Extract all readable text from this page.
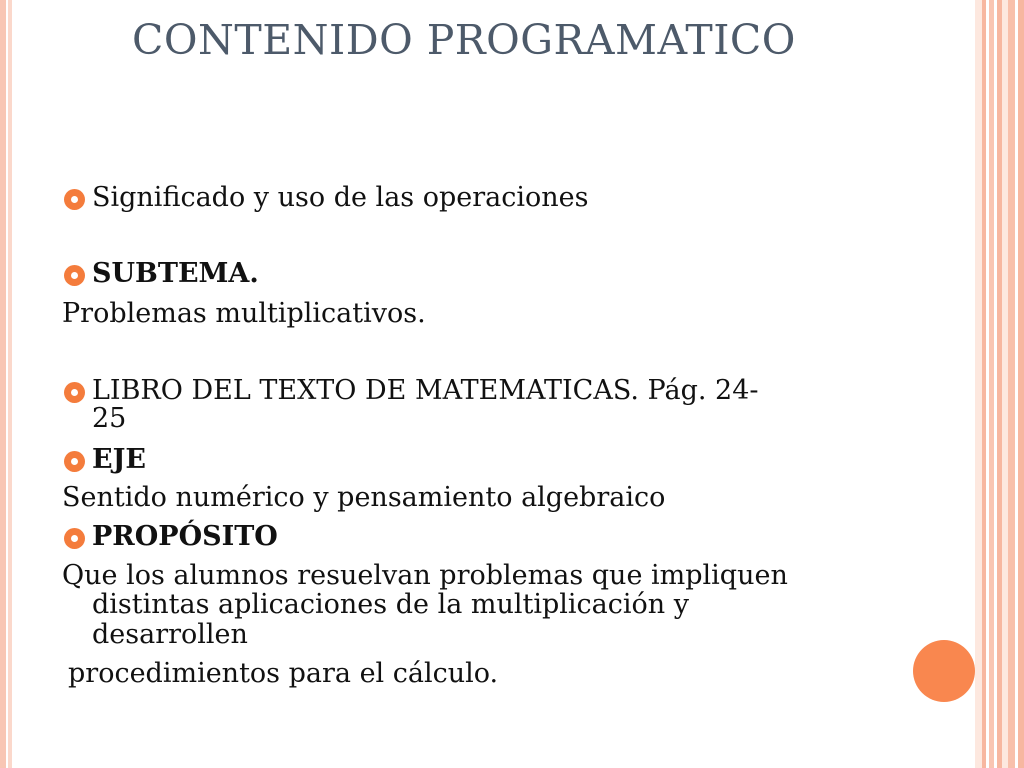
CONTENIDO PROGRAMATICO
Significado y uso de las operaciones
SUBTEMA.
Problemas multiplicativos.
LIBRO DEL TEXTO DE MATEMATICAS. Pág. 24-
25
EJE
Sentido numérico y pensamiento algebraico
PROPÓSITO
Que los alumnos resuelvan problemas que impliquen
distintas aplicaciones de la multiplicación y
desarrollen
procedimientos para el cálculo.
